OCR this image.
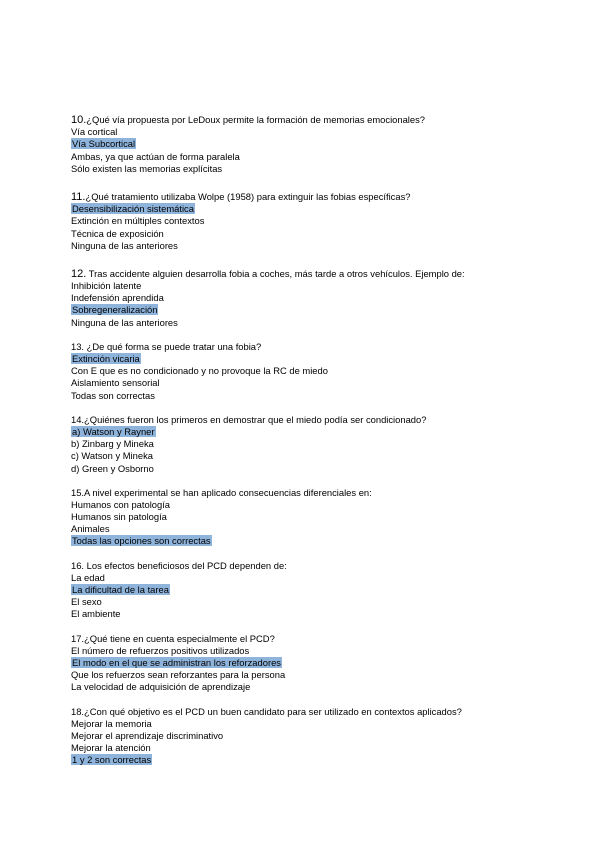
10.¿Qué vía propuesta por LeDoux permite la formación de memorias emocionales?
Vía cortical
Vía Subcortical
Ambas, ya que actúan de forma paralela
Sólo existen las memorias explícitas
11.¿Qué tratamiento utilizaba Wolpe (1958) para extinguir las fobias específicas?
Desensibilización sistemática
Extinción en múltiples contextos
Técnica de exposición
Ninguna de las anteriores
12. Tras accidente alguien desarrolla fobia a coches, más tarde a otros vehículos. Ejemplo de:
Inhibición latente
Indefensión aprendida
Sobregeneralización
Ninguna de las anteriores
13. ¿De qué forma se puede tratar una fobia?
Extinción vicaria
Con E que es no condicionado y no provoque la RC de miedo
Aislamiento sensorial
Todas son correctas
14.¿Quiénes fueron los primeros en demostrar que el miedo podía ser condicionado?
a) Watson y Rayner
b) Zinbarg y Mineka
c) Watson y Mineka
d) Green y Osborno
15.A nivel experimental se han aplicado consecuencias diferenciales en:
Humanos con patología
Humanos sin patología
Animales
Todas las opciones son correctas
16. Los efectos beneficiosos del PCD dependen de:
La edad
La dificultad de la tarea
El sexo
El ambiente
17.¿Qué tiene en cuenta especialmente el PCD?
El número de refuerzos positivos utilizados
El modo en el que se administran los reforzadores
Que los refuerzos sean reforzantes para la persona
La velocidad de adquisición de aprendizaje
18.¿Con qué objetivo es el PCD un buen candidato para ser utilizado en contextos aplicados?
Mejorar la memoria
Mejorar el aprendizaje discriminativo
Mejorar la atención
1 y 2 son correctas
